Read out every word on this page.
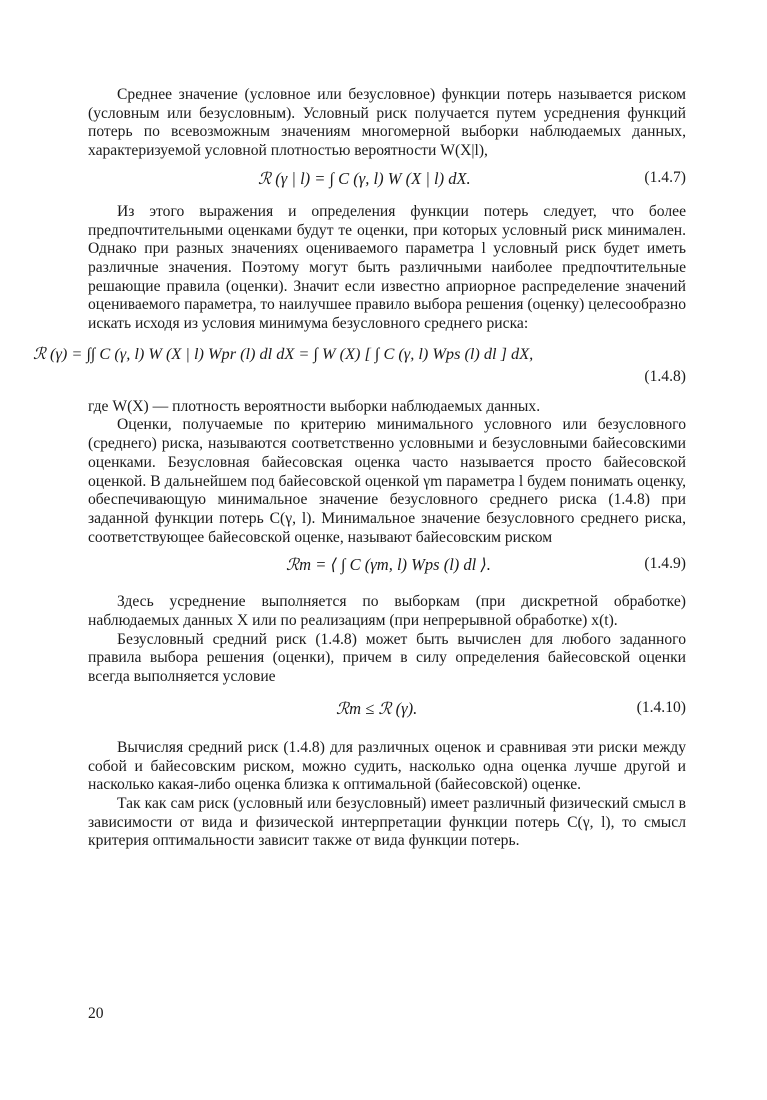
Среднее значение (условное или безусловное) функции потерь называется риском (условным или безусловным). Условный риск получается путем усреднения функций потерь по всевозможным значениям многомерной выборки наблюдаемых данных, характеризуемой условной плотностью вероятности W(X|l),

ℛ (γ | l) = ∫ C (γ, l) W (X | l) dX.	(1.4.7)

Из этого выражения и определения функции потерь следует, что более предпочтительными оценками будут те оценки, при которых условный риск минимален. Однако при разных значениях оцениваемого параметра l условный риск будет иметь различные значения. Поэтому могут быть различными наиболее предпочтительные решающие правила (оценки). Значит если известно априорное распределение значений оцениваемого параметра, то наилучшее правило выбора решения (оценку) целесообразно искать исходя из условия минимума безусловного среднего риска:

ℛ (γ) = ∫∫ C (γ, l) W (X | l) Wpr (l) dl dX = ∫ W (X) [ ∫ C (γ, l) Wps (l) dl ] dX,
(1.4.8)

где W(X) — плотность вероятности выборки наблюдаемых данных.

Оценки, получаемые по критерию минимального условного или безусловного (среднего) риска, называются соответственно условными и безусловными байесовскими оценками. Безусловная байесовская оценка часто называется просто байесовской оценкой. В дальнейшем под байесовской оценкой γm параметра l будем понимать оценку, обеспечивающую минимальное значение безусловного среднего риска (1.4.8) при заданной функции потерь C(γ, l). Минимальное значение безусловного среднего риска, соответствующее байесовской оценке, называют байесовским риском

ℛm = ⟨ ∫ C (γm, l) Wps (l) dl ⟩.	(1.4.9)

Здесь усреднение выполняется по выборкам (при дискретной обработке) наблюдаемых данных X или по реализациям (при непрерывной обработке) x(t).

Безусловный средний риск (1.4.8) может быть вычислен для любого заданного правила выбора решения (оценки), причем в силу определения байесовской оценки всегда выполняется условие

ℛm ≤ ℛ (γ).	(1.4.10)

Вычисляя средний риск (1.4.8) для различных оценок и сравнивая эти риски между собой и байесовским риском, можно судить, насколько одна оценка лучше другой и насколько какая-либо оценка близка к оптимальной (байесовской) оценке.

Так как сам риск (условный или безусловный) имеет различный физический смысл в зависимости от вида и физической интерпретации функции потерь C(γ, l), то смысл критерия оптимальности зависит также от вида функции потерь.

20
